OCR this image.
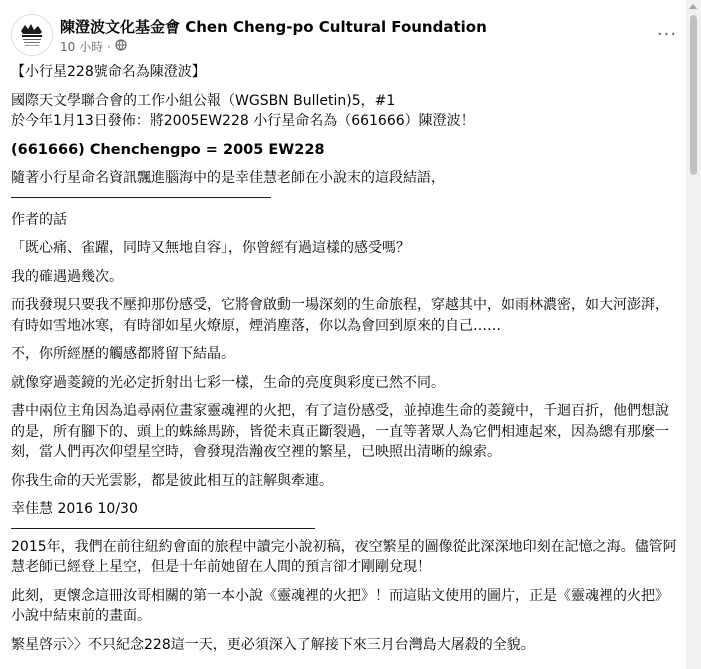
陳澄波文化基金會 Chen Cheng-po Cultural Foundation
10 小時 ·
···

【小行星228號命名為陳澄波】

國際天文學聯合會的工作小組公報（WGSBN Bulletin)5，#1

於今年1月13日發佈：將2005EW228 小行星命名為（661666）陳澄波！

(661666) Chenchengpo = 2005 EW228

隨著小行星命名資訊飄進腦海中的是幸佳慧老師在小說末的這段結語，

作者的話

「既心痛、雀躍，同時又無地自容」，你曾經有過這樣的感受嗎？

我的確遇過幾次。

而我發現只要我不壓抑那份感受，它將會啟動一場深刻的生命旅程，穿越其中，如雨林濃密，如大河澎湃，有時如雪地冰寒，有時卻如星火燎原，煙消塵落，你以為會回到原來的自己……

不，你所經歷的觸感都將留下結晶。

就像穿過菱鏡的光必定折射出七彩一樣，生命的亮度與彩度已然不同。

書中兩位主角因為追尋兩位畫家靈魂裡的火把，有了這份感受，並掉進生命的菱鏡中，千迴百折，他們想說的是，所有腳下的、頭上的蛛絲馬跡，皆從未真正斷裂過，一直等著眾人為它們相連起來，因為總有那麼一刻，當人們再次仰望星空時，會發現浩瀚夜空裡的繁星，已映照出清晰的線索。

你我生命的天光雲影，都是彼此相互的註解與牽連。

幸佳慧 2016 10/30

2015年，我們在前往紐約會面的旅程中讀完小說初稿，夜空繁星的圖像從此深深地印刻在記憶之海。儘管阿慧老師已經登上星空，但是十年前她留在人間的預言卻才剛剛兌現！

此刻，更懷念這冊汝哥相關的第一本小說《靈魂裡的火把》！而這貼文使用的圖片，正是《靈魂裡的火把》小說中結束前的畫面。

繁星啓示〉〉不只紀念228這一天，更必須深入了解接下來三月台灣島大屠殺的全貌。
